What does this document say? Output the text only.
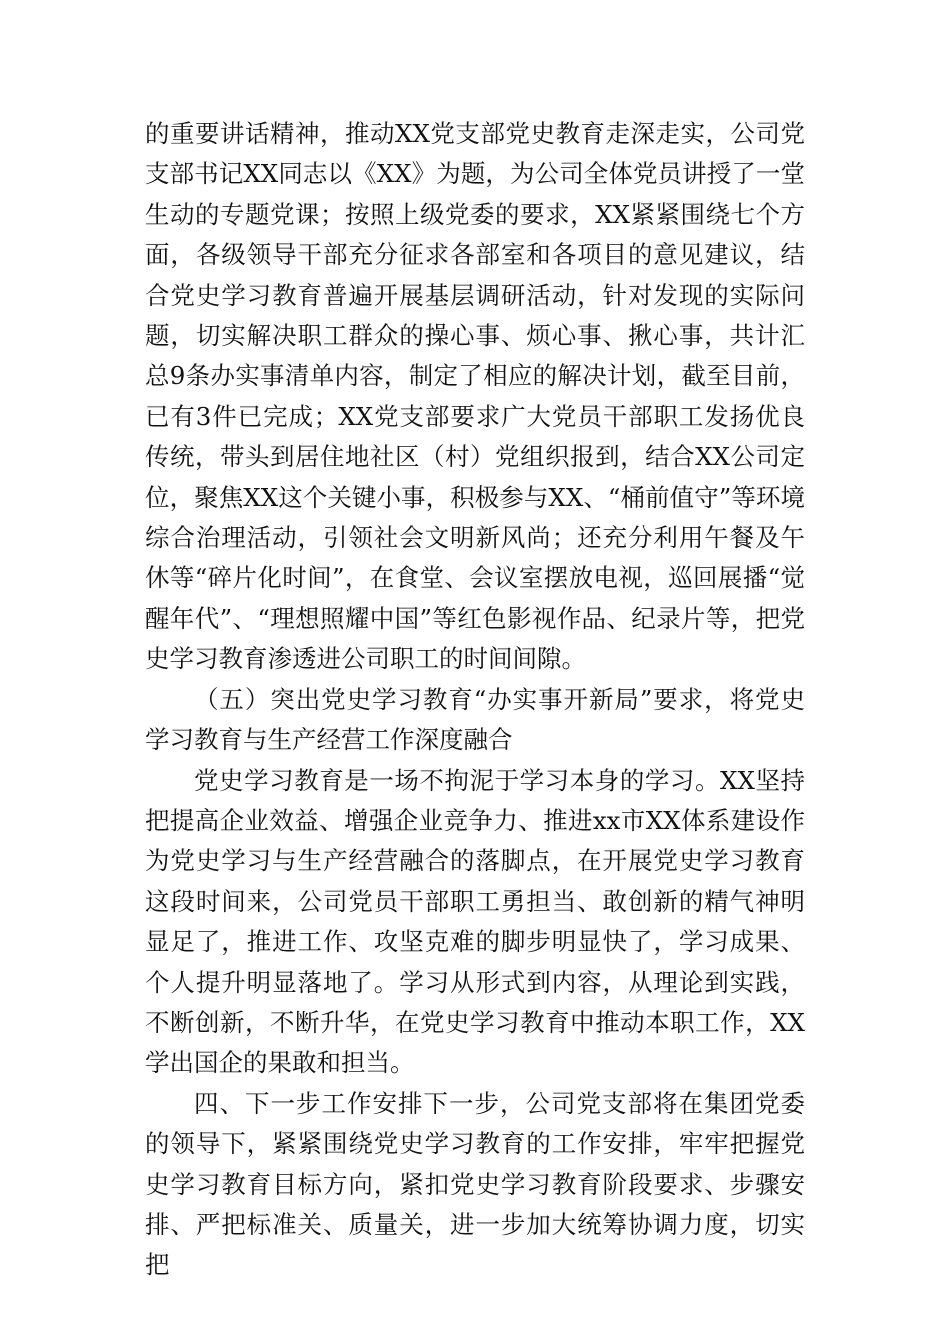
的重要讲话精神，推动XX党支部党史教育走深走实，公司党支部书记XX同志以《XX》为题，为公司全体党员讲授了一堂生动的专题党课；按照上级党委的要求，XX紧紧围绕七个方面，各级领导干部充分征求各部室和各项目的意见建议，结合党史学习教育普遍开展基层调研活动，针对发现的实际问题，切实解决职工群众的操心事、烦心事、揪心事，共计汇总9条办实事清单内容，制定了相应的解决计划，截至目前，已有3件已完成；XX党支部要求广大党员干部职工发扬优良传统，带头到居住地社区（村）党组织报到，结合XX公司定位，聚焦XX这个关键小事，积极参与XX、“桶前值守”等环境综合治理活动，引领社会文明新风尚；还充分利用午餐及午休等“碎片化时间”，在食堂、会议室摆放电视，巡回展播“觉醒年代”、“理想照耀中国”等红色影视作品、纪录片等，把党史学习教育渗透进公司职工的时间间隙。

（五）突出党史学习教育“办实事开新局”要求，将党史学习教育与生产经营工作深度融合

党史学习教育是一场不拘泥于学习本身的学习。XX坚持把提高企业效益、增强企业竞争力、推进xx市XX体系建设作为党史学习与生产经营融合的落脚点，在开展党史学习教育这段时间来，公司党员干部职工勇担当、敢创新的精气神明显足了，推进工作、攻坚克难的脚步明显快了，学习成果、个人提升明显落地了。学习从形式到内容，从理论到实践，不断创新，不断升华，在党史学习教育中推动本职工作，XX学出国企的果敢和担当。

四、下一步工作安排下一步，公司党支部将在集团党委的领导下，紧紧围绕党史学习教育的工作安排，牢牢把握党史学习教育目标方向，紧扣党史学习教育阶段要求、步骤安排、严把标准关、质量关，进一步加大统筹协调力度，切实把
